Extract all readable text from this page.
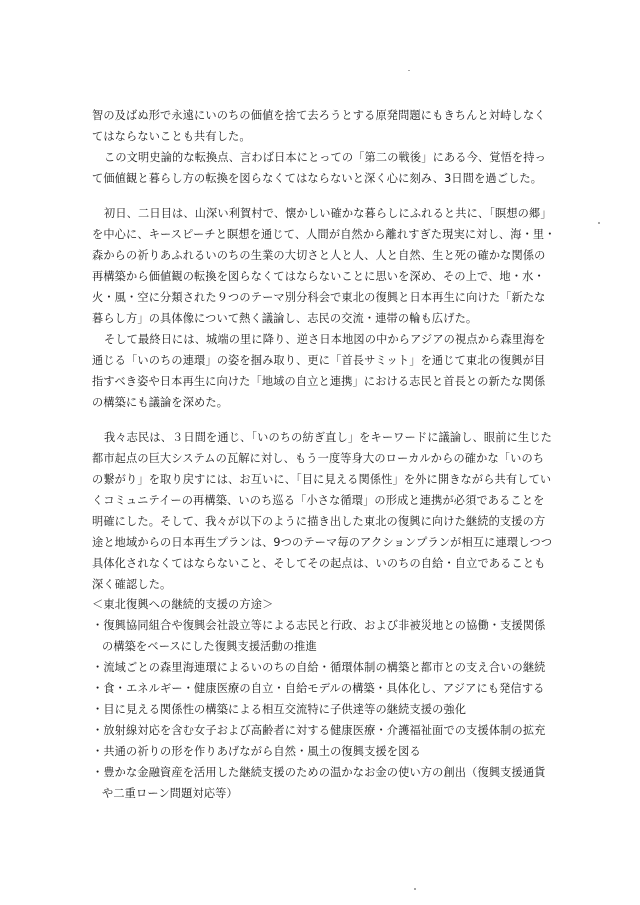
智の及ばぬ形で永遠にいのちの価値を捨て去ろうとする原発問題にもきちんと対峙しなく
てはならないことも共有した。
この文明史論的な転換点、言わば日本にとっての「第二の戦後」にある今、覚悟を持っ
て価値観と暮らし方の転換を図らなくてはならないと深く心に刻み、3日間を過ごした。
初日、二日目は、山深い利賀村で、懐かしい確かな暮らしにふれると共に、「瞑想の郷」
を中心に、キースピーチと瞑想を通じて、人間が自然から離れすぎた現実に対し、海・里・
森からの祈りあふれるいのちの生業の大切さと人と人、人と自然、生と死の確かな関係の
再構築から価値観の転換を図らなくてはならないことに思いを深め、その上で、地・水・
火・風・空に分類された９つのテーマ別分科会で東北の復興と日本再生に向けた「新たな
暮らし方」の具体像について熱く議論し、志民の交流・連帯の輪も広げた。
そして最終日には、城端の里に降り、逆さ日本地図の中からアジアの視点から森里海を
通じる「いのちの連環」の姿を掴み取り、更に「首長サミット」を通じて東北の復興が目
指すべき姿や日本再生に向けた「地域の自立と連携」における志民と首長との新たな関係
の構築にも議論を深めた。
我々志民は、３日間を通じ、「いのちの紡ぎ直し」をキーワードに議論し、眼前に生じた
都市起点の巨大システムの瓦解に対し、もう一度等身大のローカルからの確かな「いのち
の繋がり」を取り戻すには、お互いに、「目に見える関係性」を外に開きながら共有してい
くコミュニテイーの再構築、いのち巡る「小さな循環」の形成と連携が必須であることを
明確にした。そして、我々が以下のように描き出した東北の復興に向けた継続的支援の方
途と地域からの日本再生プランは、9つのテーマ毎のアクションプランが相互に連環しつつ
具体化されなくてはならないこと、そしてその起点は、いのちの自給・自立であることも
深く確認した。
＜東北復興への継続的支援の方途＞
・復興協同組合や復興会社設立等による志民と行政、および非被災地との協働・支援関係
の構築をベースにした復興支援活動の推進
・流域ごとの森里海連環によるいのちの自給・循環体制の構築と都市との支え合いの継続
・食・エネルギー・健康医療の自立・自給モデルの構築・具体化し、アジアにも発信する
・目に見える関係性の構築による相互交流特に子供達等の継続支援の強化
・放射線対応を含む女子および高齢者に対する健康医療・介護福祉面での支援体制の拡充
・共通の祈りの形を作りあげながら自然・風土の復興支援を図る
・豊かな金融資産を活用した継続支援のための温かなお金の使い方の創出（復興支援通貨
や二重ローン問題対応等）
